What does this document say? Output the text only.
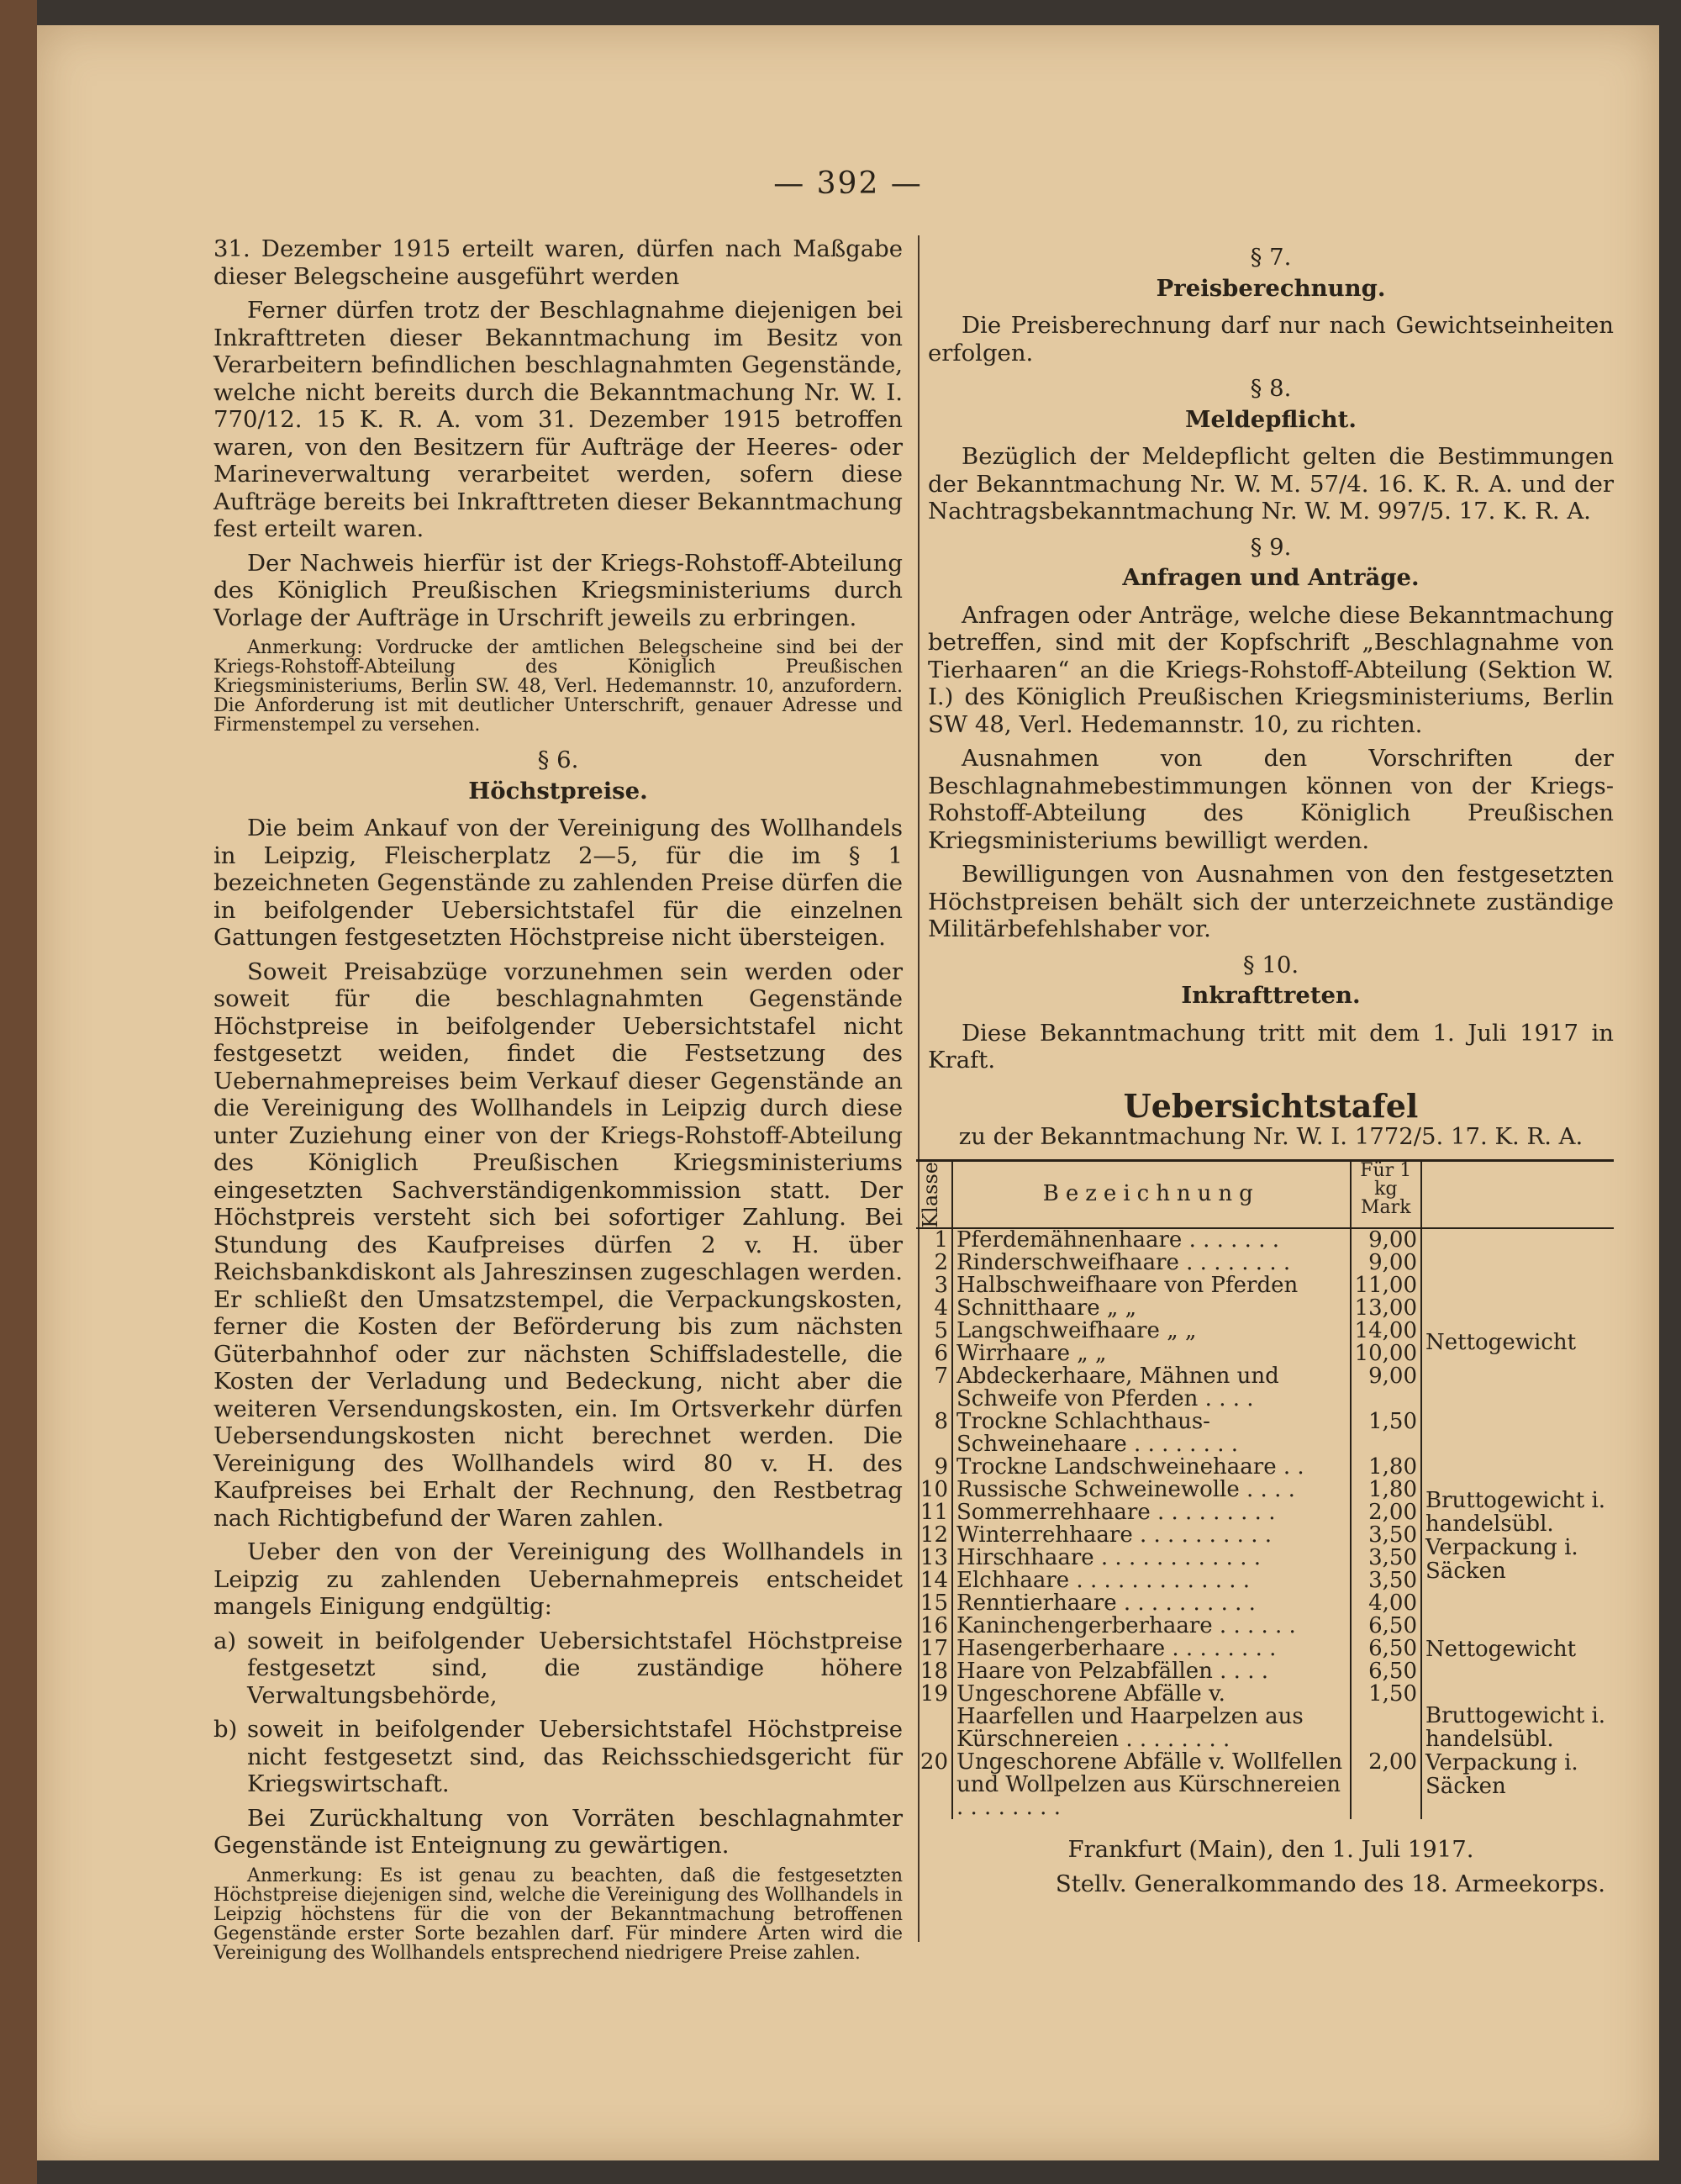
— 392 —

31. Dezember 1915 erteilt waren, dürfen nach Maßgabe dieser Belegscheine ausgeführt werden

Ferner dürfen trotz der Beschlagnahme diejenigen bei Inkrafttreten dieser Bekanntmachung im Besitz von Verarbeitern befindlichen beschlagnahmten Gegenstände, welche nicht bereits durch die Bekanntmachung Nr. W. I. 770/12. 15 K. R. A. vom 31. Dezember 1915 betroffen waren, von den Besitzern für Aufträge der Heeres- oder Marineverwaltung verarbeitet werden, sofern diese Aufträge bereits bei Inkrafttreten dieser Bekanntmachung fest erteilt waren.

Der Nachweis hierfür ist der Kriegs-Rohstoff-Abteilung des Königlich Preußischen Kriegsministeriums durch Vorlage der Aufträge in Urschrift jeweils zu erbringen.

Anmerkung: Vordrucke der amtlichen Belegscheine sind bei der Kriegs-Rohstoff-Abteilung des Königlich Preußischen Kriegsministeriums, Berlin SW. 48, Verl. Hedemannstr. 10, anzufordern. Die Anforderung ist mit deutlicher Unterschrift, genauer Adresse und Firmenstempel zu versehen.
§ 6.
Höchstpreise.

Die beim Ankauf von der Vereinigung des Wollhandels in Leipzig, Fleischerplatz 2—5, für die im § 1 bezeichneten Gegenstände zu zahlenden Preise dürfen die in beifolgender Uebersichtstafel für die einzelnen Gattungen festgesetzten Höchstpreise nicht übersteigen.

Soweit Preisabzüge vorzunehmen sein werden oder soweit für die beschlagnahmten Gegenstände Höchstpreise in beifolgender Uebersichtstafel nicht festgesetzt weiden, findet die Festsetzung des Uebernahmepreises beim Verkauf dieser Gegenstände an die Vereinigung des Wollhandels in Leipzig durch diese unter Zuziehung einer von der Kriegs-Rohstoff-Abteilung des Königlich Preußischen Kriegsministeriums eingesetzten Sachverständigenkommission statt. Der Höchstpreis versteht sich bei sofortiger Zahlung. Bei Stundung des Kaufpreises dürfen 2 v. H. über Reichsbankdiskont als Jahreszinsen zugeschlagen werden. Er schließt den Umsatzstempel, die Verpackungskosten, ferner die Kosten der Beförderung bis zum nächsten Güterbahnhof oder zur nächsten Schiffsladestelle, die Kosten der Verladung und Bedeckung, nicht aber die weiteren Versendungskosten, ein. Im Ortsverkehr dürfen Uebersendungskosten nicht berechnet werden. Die Vereinigung des Wollhandels wird 80 v. H. des Kaufpreises bei Erhalt der Rechnung, den Restbetrag nach Richtigbefund der Waren zahlen.

Ueber den von der Vereinigung des Wollhandels in Leipzig zu zahlenden Uebernahmepreis entscheidet mangels Einigung endgültig:

a) soweit in beifolgender Uebersichtstafel Höchstpreise festgesetzt sind, die zuständige höhere Verwaltungsbehörde,
b) soweit in beifolgender Uebersichtstafel Höchstpreise nicht festgesetzt sind, das Reichsschiedsgericht für Kriegswirtschaft.

Bei Zurückhaltung von Vorräten beschlagnahmter Gegenstände ist Enteignung zu gewärtigen.

Anmerkung: Es ist genau zu beachten, daß die festgesetzten Höchstpreise diejenigen sind, welche die Vereinigung des Wollhandels in Leipzig höchstens für die von der Bekanntmachung betroffenen Gegenstände erster Sorte bezahlen darf. Für mindere Arten wird die Vereinigung des Wollhandels entsprechend niedrigere Preise zahlen.
§ 7.
Preisberechnung.

Die Preisberechnung darf nur nach Gewichtseinheiten erfolgen.

§ 8.
Meldepflicht.

Bezüglich der Meldepflicht gelten die Bestimmungen der Bekanntmachung Nr. W. M. 57/4. 16. K. R. A. und der Nachtragsbekanntmachung Nr. W. M. 997/5. 17. K. R. A.

§ 9.
Anfragen und Anträge.

Anfragen oder Anträge, welche diese Bekanntmachung betreffen, sind mit der Kopfschrift „Beschlagnahme von Tierhaaren“ an die Kriegs-Rohstoff-Abteilung (Sektion W. I.) des Königlich Preußischen Kriegsministeriums, Berlin SW 48, Verl. Hedemannstr. 10, zu richten.

Ausnahmen von den Vorschriften der Beschlagnahmebestimmungen können von der Kriegs-Rohstoff-Abteilung des Königlich Preußischen Kriegsministeriums bewilligt werden.

Bewilligungen von Ausnahmen von den festgesetzten Höchstpreisen behält sich der unterzeichnete zuständige Militärbefehlshaber vor.

§ 10.
Inkrafttreten.

Diese Bekanntmachung tritt mit dem 1. Juli 1917 in Kraft.

Uebersichtstafel
zu der Bekanntmachung Nr. W. I. 1772/5. 17. K. R. A.
Klasse	Bezeichnung	Für 1 kg Mark	
1	Pferdemähnenhaare . . . . . . .	9,00	Nettogewicht
2	Rinderschweifhaare . . . . . . . .	9,00	
3	Halbschweifhaare von Pferden	11,00	
4	Schnitthaare „ „	13,00	
5	Langschweifhaare „ „	14,00	
6	Wirrhaare „ „	10,00	
7	Abdeckerhaare, Mähnen und Schweife von Pferden . . . .	9,00	
8	Trockne Schlachthaus-Schweinehaare . . . . . . . .	1,50	
9	Trockne Landschweinehaare . .	1,80	Bruttogewicht i. handelsübl. Verpackung i. Säcken
10	Russische Schweinewolle . . . .	1,80	
11	Sommerrehhaare . . . . . . . . .	2,00	
12	Winterrehhaare . . . . . . . . . .	3,50	
13	Hirschhaare . . . . . . . . . . . .	3,50	
14	Elchhaare . . . . . . . . . . . . .	3,50	
15	Renntierhaare . . . . . . . . . .	4,00	
16	Kaninchengerberhaare . . . . . .	6,50	Nettogewicht
17	Hasengerberhaare . . . . . . . .	6,50	
18	Haare von Pelzabfällen . . . .	6,50	
19	Ungeschorene Abfälle v. Haarfellen und Haarpelzen aus Kürschnereien . . . . . . . .	1,50	Bruttogewicht i. handelsübl. Verpackung i. Säcken
20	Ungeschorene Abfälle v. Wollfellen und Wollpelzen aus Kürschnereien . . . . . . . .	2,00	
Frankfurt (Main), den 1. Juli 1917.
Stellv. Generalkommando des 18. Armeekorps.
